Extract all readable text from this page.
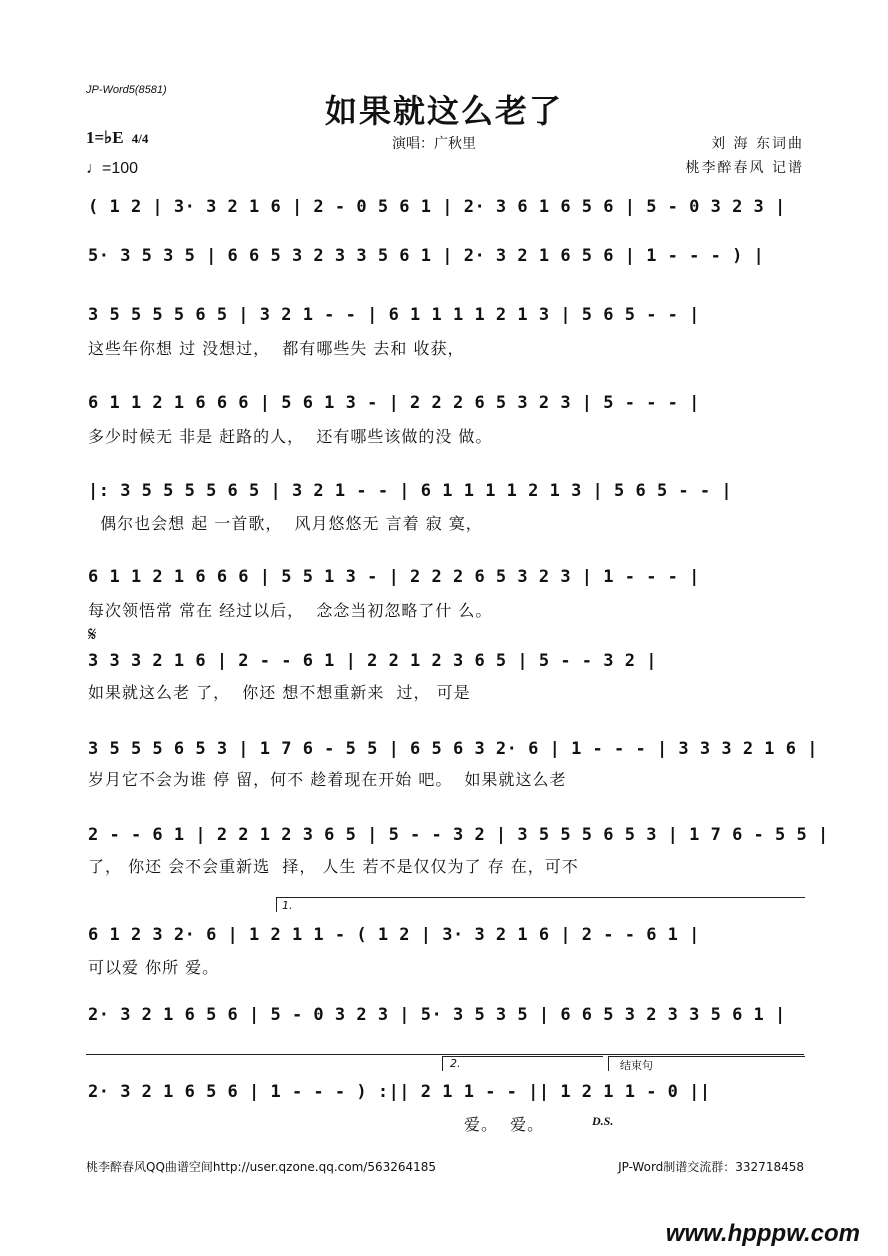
JP-Word5(8581)
如果就这么老了
1=♭E 4/4
♩=100
演唱：广秋里	刘 海 东词曲
桃李醉春风 记谱
( 1 2 | 3· 3 2 1 6 | 2 - 0 5 6 1 | 2· 3 6 1 6 5 6 | 5 - 0 3 2 3 |
5· 3 5 3 5 | 6 6 5 3 2 3 3 5 6 1 | 2· 3 2 1 6 5 6 | 1 - - - ) |
3 5 5 5 5 6 5 | 3 2 1 - - | 6 1 1 1 1 2 1 3 | 5 6 5 - - |
这些年你想 过 没想过，  都有哪些失 去和 收获，
6 1 1 2 1 6 6 6 | 5 6 1 3 - | 2 2 2 6 5 3 2 3 | 5 - - - |
多少时候无 非是 赶路的人，  还有哪些该做的没 做。
|: 3 5 5 5 5 6 5 | 3 2 1 - - | 6 1 1 1 1 2 1 3 | 5 6 5 - - |
偶尔也会想 起 一首歌，  风月悠悠无 言着 寂 寞，
6 1 1 2 1 6 6 6 | 5 5 1 3 - | 2 2 2 6 5 3 2 3 | 1 - - - |
每次领悟常 常在 经过以后，  念念当初忽略了什 么。
𝄋
3 3 3 2 1 6 | 2 - - 6 1 | 2 2 1 2 3 6 5 | 5 - - 3 2 |
如果就这么老 了，  你还 想不想重新来  过， 可是
3 5 5 5 6 5 3 | 1 7 6 - 5 5 | 6 5 6 3 2· 6 | 1 - - - | 3 3 3 2 1 6 |
岁月它不会为谁 停 留，何不 趁着现在开始 吧。  如果就这么老
2 - - 6 1 | 2 2 1 2 3 6 5 | 5 - - 3 2 | 3 5 5 5 6 5 3 | 1 7 6 - 5 5 |
了， 你还 会不会重新选  择， 人生 若不是仅仅为了 存 在，可不
1.
6 1 2 3 2· 6 | 1 2 1 1 - ( 1 2 | 3· 3 2 1 6 | 2 - - 6 1 |
可以爱 你所 爱。
2· 3 2 1 6 5 6 | 5 - 0 3 2 3 | 5· 3 5 3 5 | 6 6 5 3 2 3 3 5 6 1 |
2.	结束句
2· 3 2 1 6 5 6 | 1 - - - ) :|| 2 1 1 - - || 1 2 1 1 - 0 ||
爱。  爱。	D.S.
桃李醉春风QQ曲谱空间http://user.qzone.qq.com/563264185	JP-Word制谱交流群：332718458
www.hpppw.com
